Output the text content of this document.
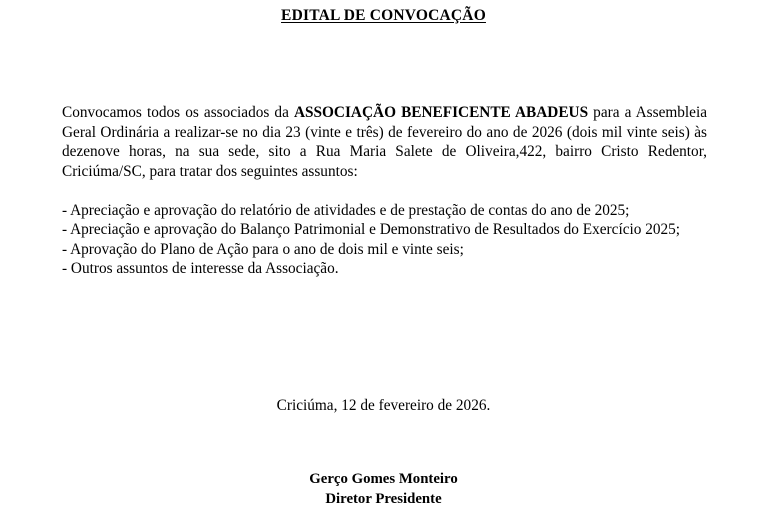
EDITAL DE CONVOCAÇÃO

Convocamos todos os associados da ASSOCIAÇÃO BENEFICENTE ABADEUS para a Assembleia Geral Ordinária a realizar-se no dia 23 (vinte e três) de fevereiro do ano de 2026 (dois mil vinte seis) às dezenove horas, na sua sede, sito a Rua Maria Salete de Oliveira,422, bairro Cristo Redentor, Criciúma/SC, para tratar dos seguintes assuntos:

- Apreciação e aprovação do relatório de atividades e de prestação de contas do ano de 2025;
- Apreciação e aprovação do Balanço Patrimonial e Demonstrativo de Resultados do Exercício 2025;
- Aprovação do Plano de Ação para o ano de dois mil e vinte seis;
- Outros assuntos de interesse da Associação.
Criciúma, 12 de fevereiro de 2026.
Gerço Gomes Monteiro
Diretor Presidente
